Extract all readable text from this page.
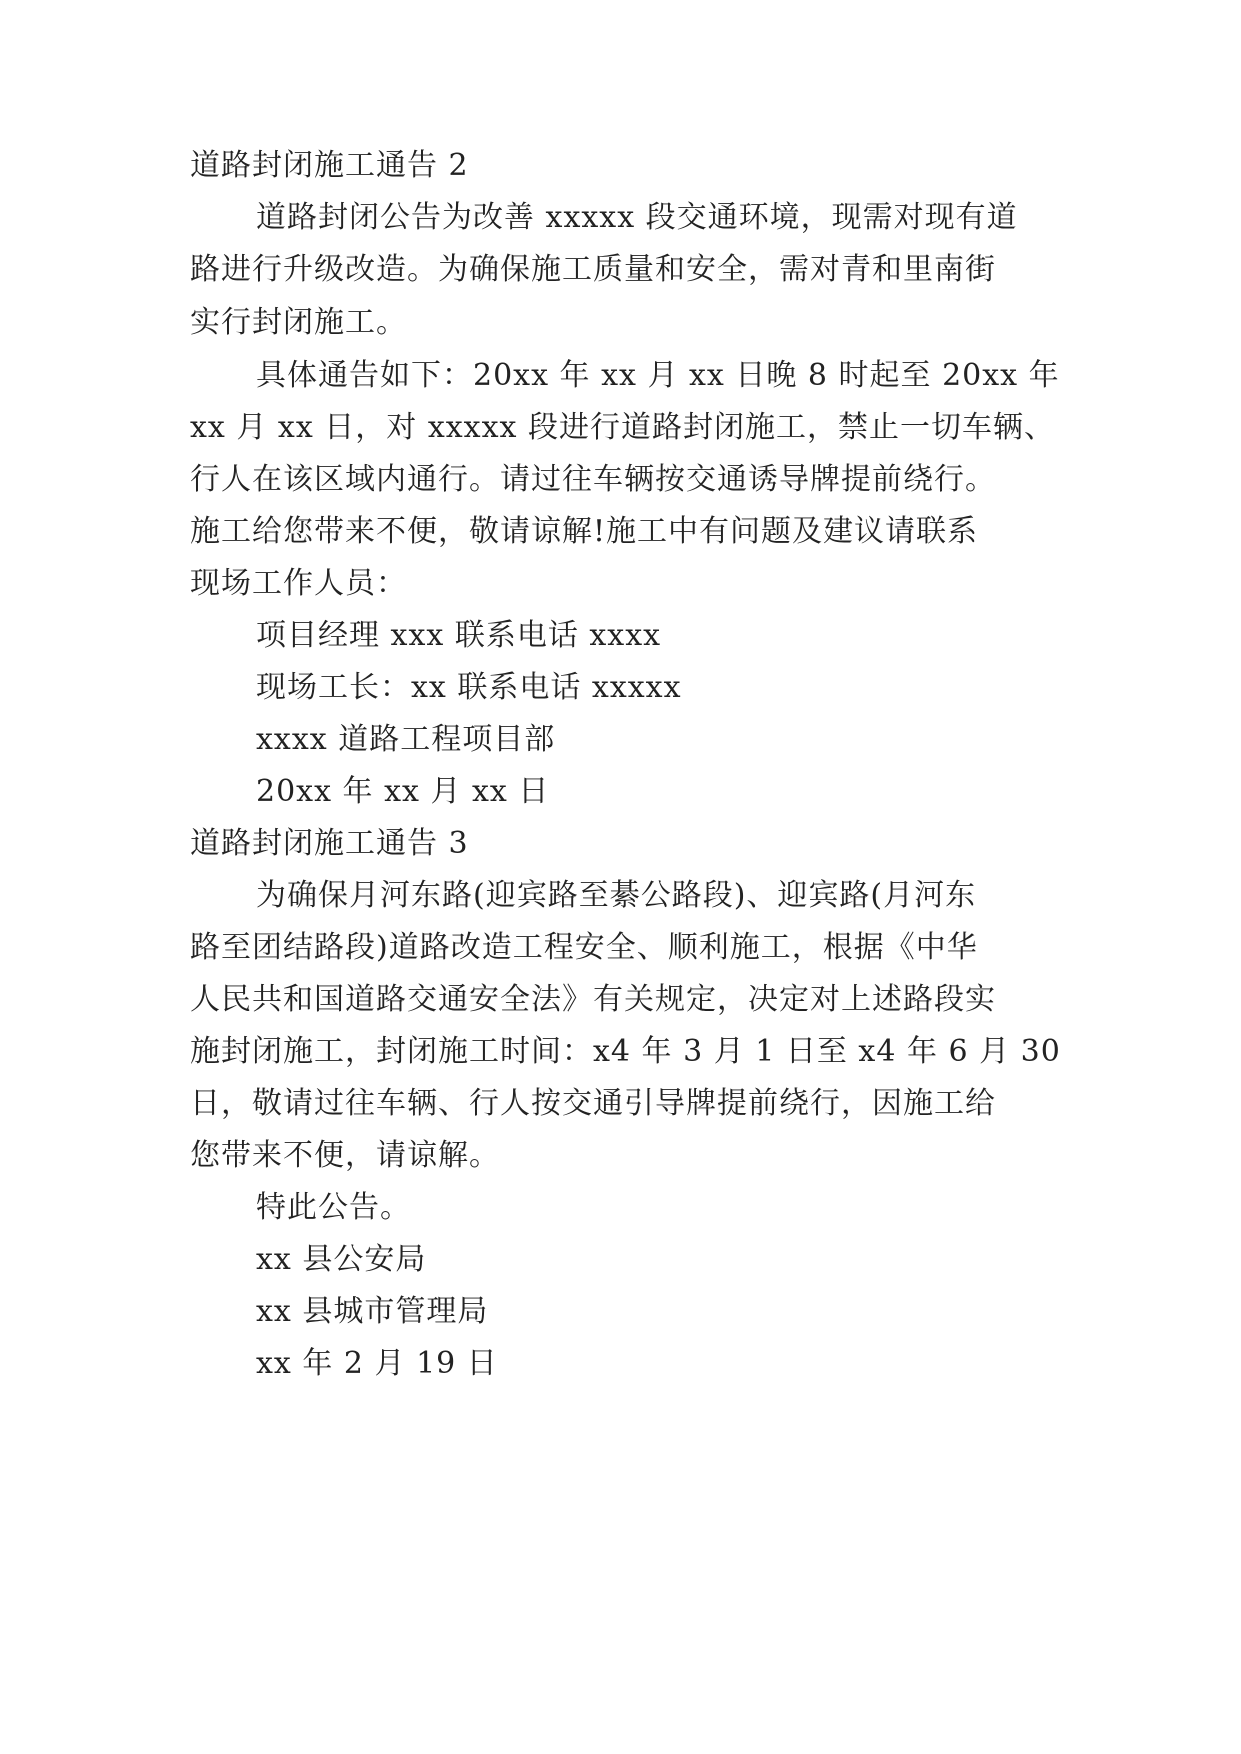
道路封闭施工通告 2
道路封闭公告为改善 xxxxx 段交通环境，现需对现有道
路进行升级改造。为确保施工质量和安全，需对青和里南街
实行封闭施工。
具体通告如下：20xx 年 xx 月 xx 日晚 8 时起至 20xx 年
xx 月 xx 日，对 xxxxx 段进行道路封闭施工，禁止一切车辆、
行人在该区域内通行。请过往车辆按交通诱导牌提前绕行。
施工给您带来不便，敬请谅解!施工中有问题及建议请联系
现场工作人员：
项目经理 xxx 联系电话 xxxx
现场工长：xx 联系电话 xxxxx
xxxx 道路工程项目部
20xx 年 xx 月 xx 日
道路封闭施工通告 3
为确保月河东路(迎宾路至綦公路段)、迎宾路(月河东
路至团结路段)道路改造工程安全、顺利施工，根据《中华
人民共和国道路交通安全法》有关规定，决定对上述路段实
施封闭施工，封闭施工时间：x4 年 3 月 1 日至 x4 年 6 月 30
日，敬请过往车辆、行人按交通引导牌提前绕行，因施工给
您带来不便，请谅解。
特此公告。
xx 县公安局
xx 县城市管理局
xx 年 2 月 19 日
